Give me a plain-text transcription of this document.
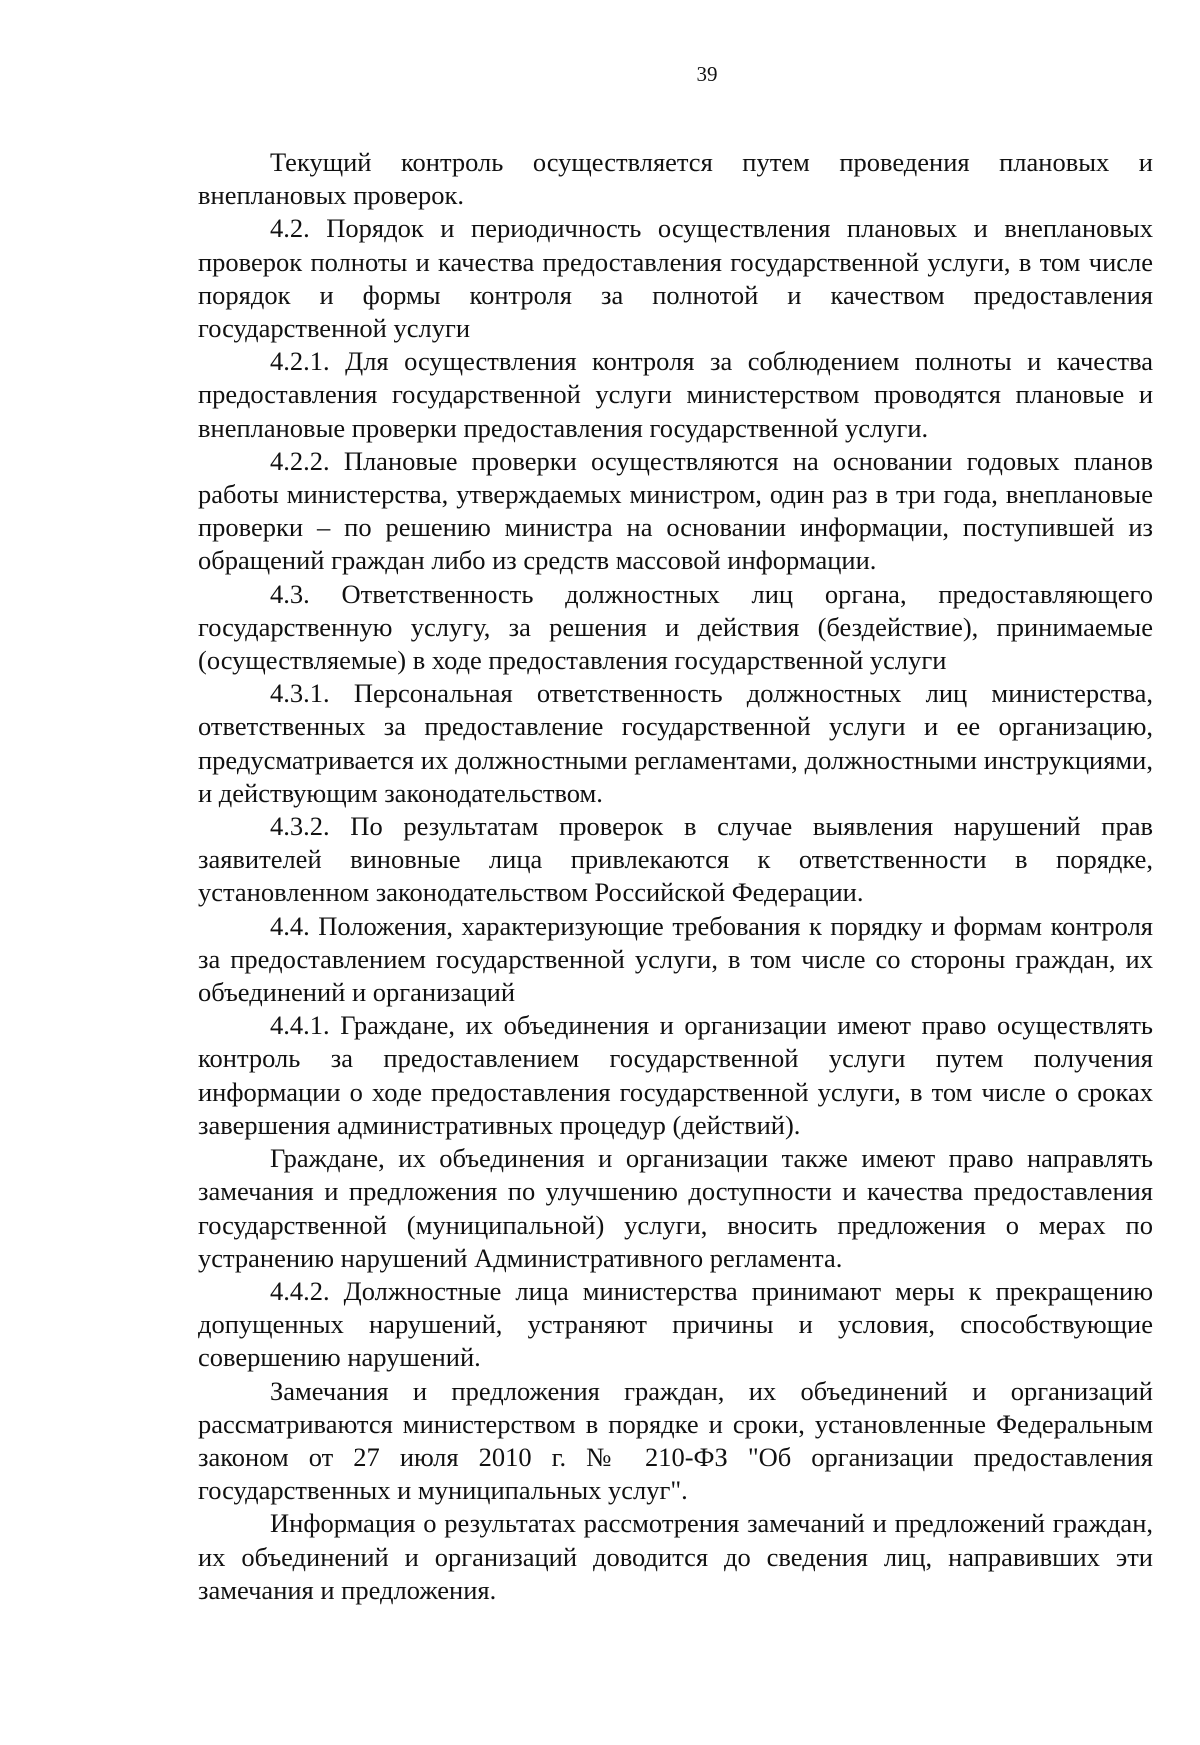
39

Текущий контроль осуществляется путем проведения плановых и внеплановых проверок.

4.2. Порядок и периодичность осуществления плановых и внеплановых проверок полноты и качества предоставления государственной услуги, в том числе порядок и формы контроля за полнотой и качеством предоставления государственной услуги

4.2.1. Для осуществления контроля за соблюдением полноты и качества предоставления государственной услуги министерством проводятся плановые и внеплановые проверки предоставления государственной услуги.

4.2.2. Плановые проверки осуществляются на основании годовых планов работы министерства, утверждаемых министром, один раз в три года, внеплановые проверки – по решению министра на основании информации, поступившей из обращений граждан либо из средств массовой информации.

4.3. Ответственность должностных лиц органа, предоставляющего государственную услугу, за решения и действия (бездействие), принимаемые (осуществляемые) в ходе предоставления государственной услуги

4.3.1. Персональная ответственность должностных лиц министерства, ответственных за предоставление государственной услуги и ее организацию, предусматривается их должностными регламентами, должностными инструкциями, и действующим законодательством.

4.3.2. По результатам проверок в случае выявления нарушений прав заявителей виновные лица привлекаются к ответственности в порядке, установленном законодательством Российской Федерации.

4.4. Положения, характеризующие требования к порядку и формам контроля за предоставлением государственной услуги, в том числе со стороны граждан, их объединений и организаций

4.4.1. Граждане, их объединения и организации имеют право осуществлять контроль за предоставлением государственной услуги путем получения информации о ходе предоставления государственной услуги, в том числе о сроках завершения административных процедур (действий).

Граждане, их объединения и организации также имеют право направлять замечания и предложения по улучшению доступности и качества предоставления государственной (муниципальной) услуги, вносить предложения о мерах по устранению нарушений Административного регламента.

4.4.2. Должностные лица министерства принимают меры к прекращению допущенных нарушений, устраняют причины и условия, способствующие совершению нарушений.

Замечания и предложения граждан, их объединений и организаций рассматриваются министерством в порядке и сроки, установленные Федеральным законом от 27 июля 2010 г. № 210-ФЗ "Об организации предоставления государственных и муниципальных услуг".

Информация о результатах рассмотрения замечаний и предложений граждан, их объединений и организаций доводится до сведения лиц, направивших эти замечания и предложения.
